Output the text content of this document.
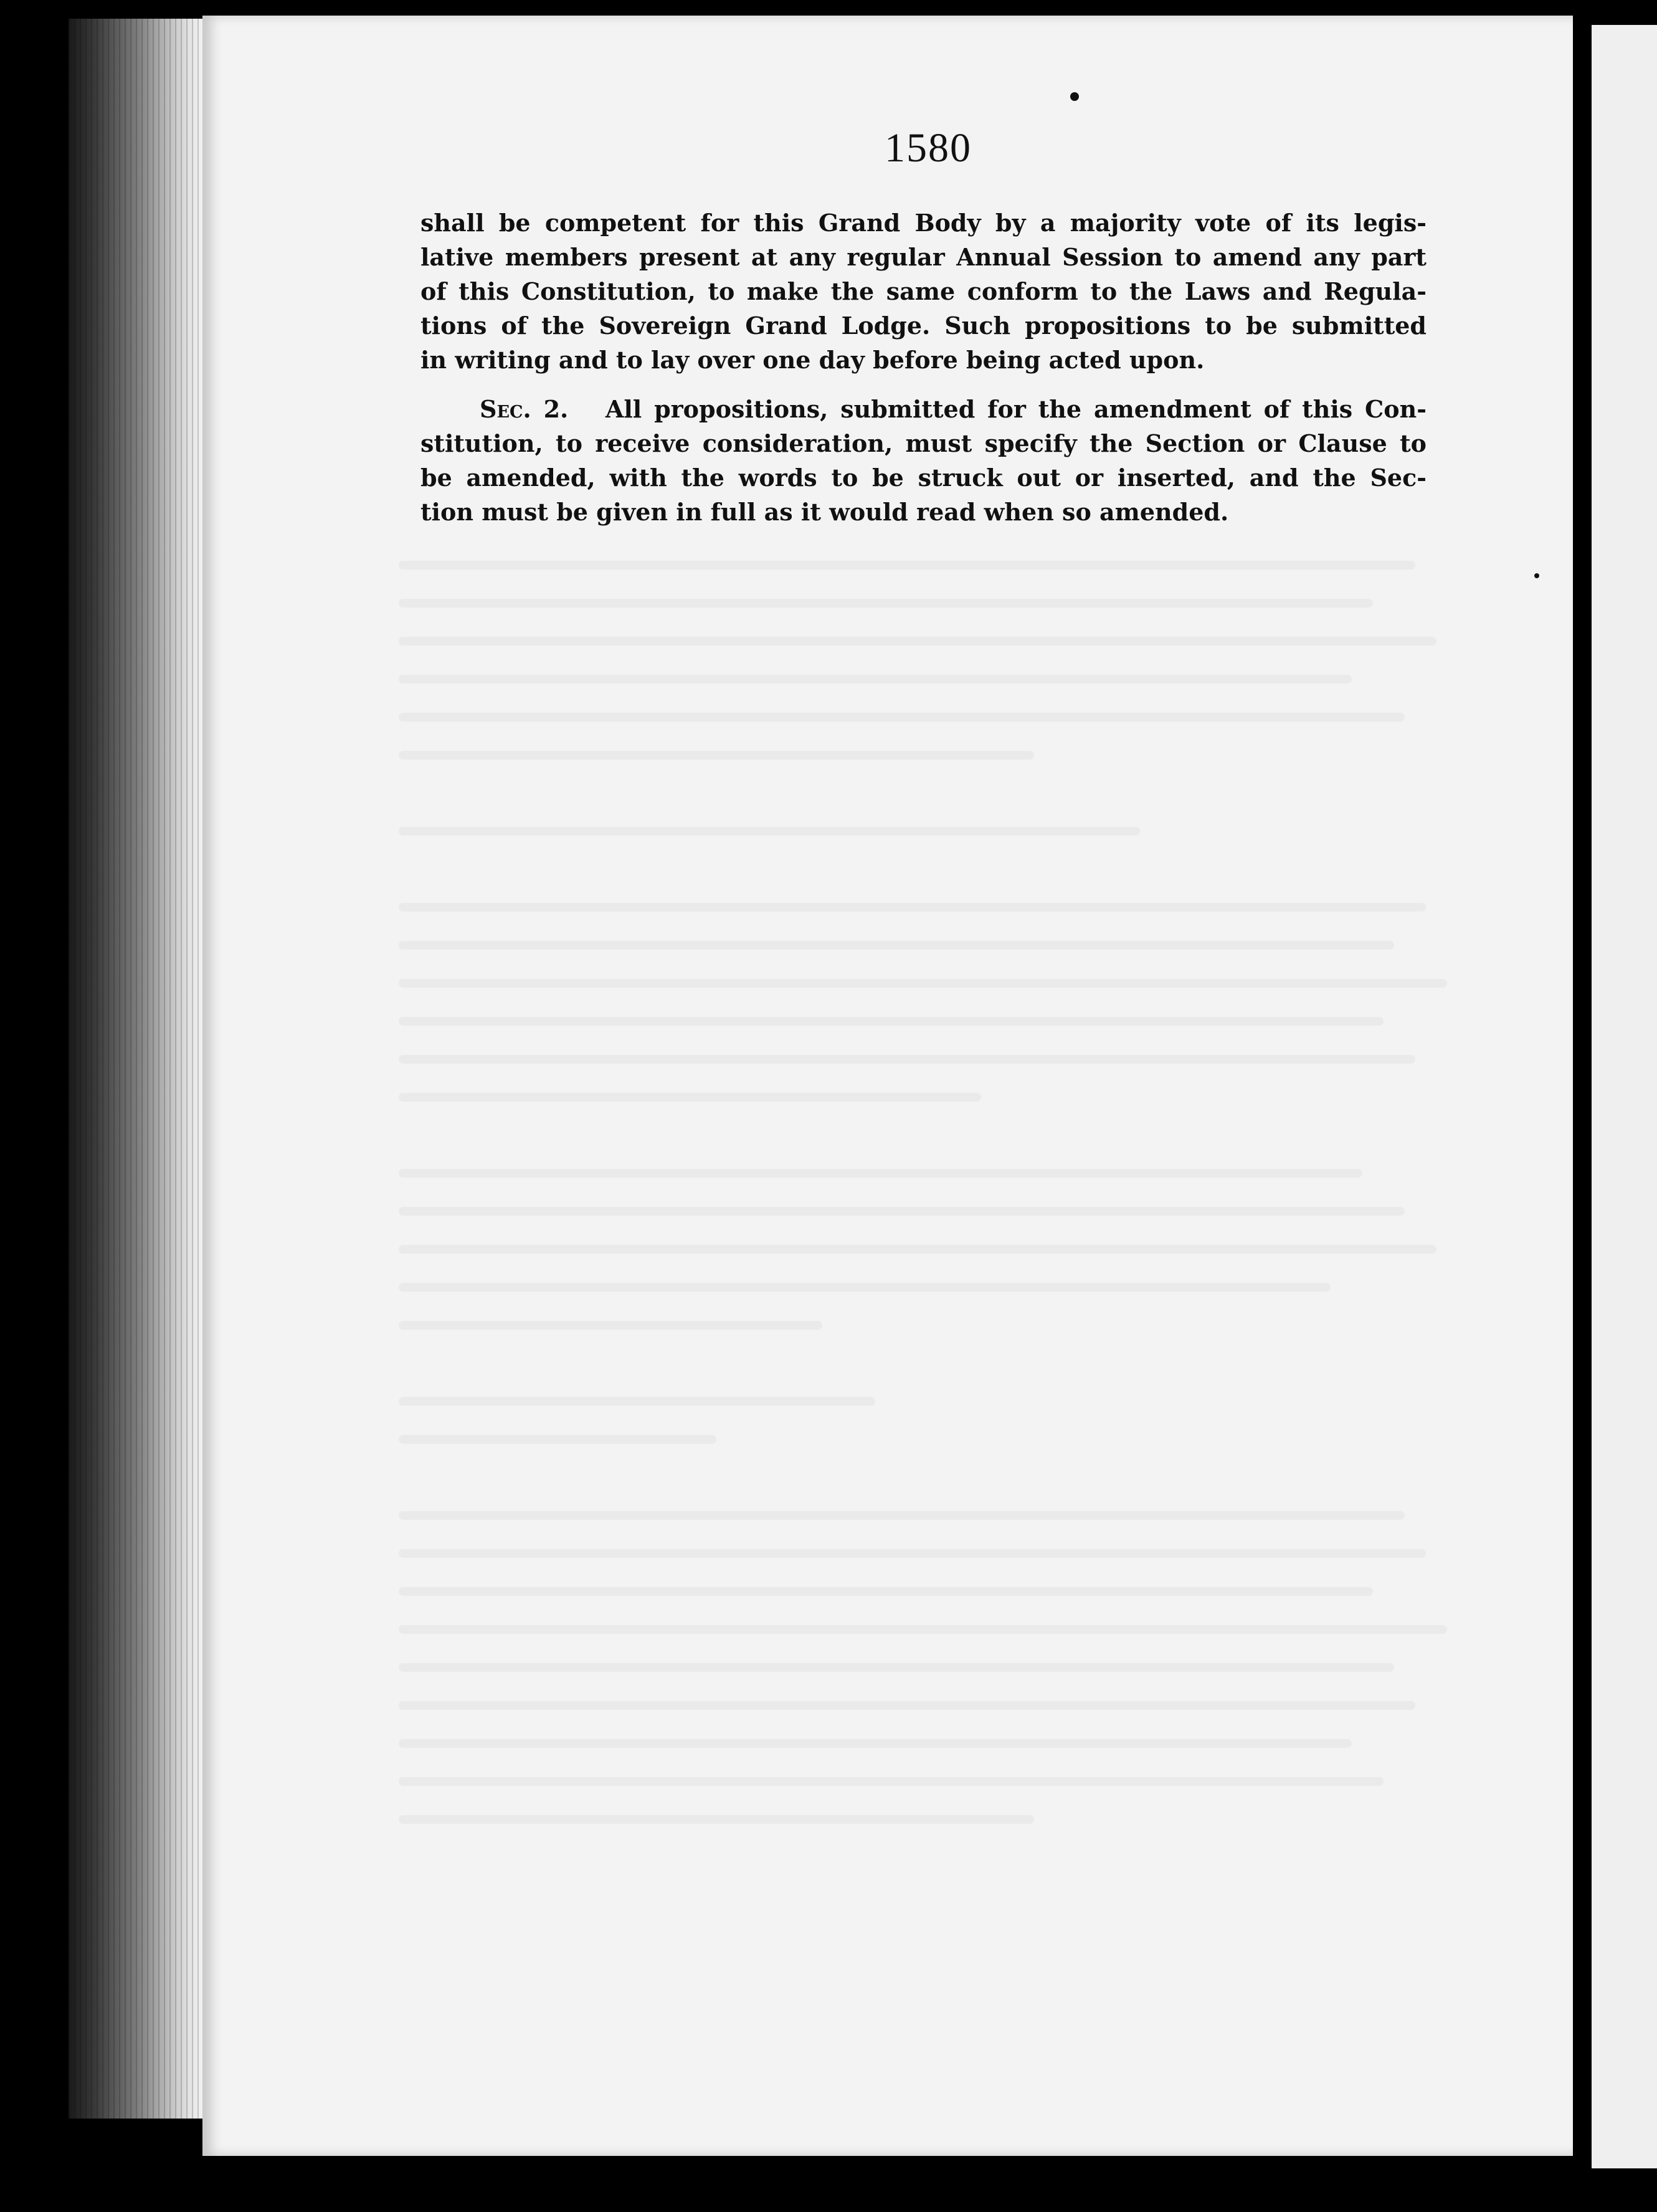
1580
shall be competent for this Grand Body by a majority vote of its legis-
lative members present at any regular Annual Session to amend any part
of this Constitution, to make the same conform to the Laws and Regula-
tions of the Sovereign Grand Lodge. Such propositions to be submitted
in writing and to lay over one day before being acted upon.
Sec. 2. All propositions, submitted for the amendment of this Con-
stitution, to receive consideration, must specify the Section or Clause to
be amended, with the words to be struck out or inserted, and the Sec-
tion must be given in full as it would read when so amended.
